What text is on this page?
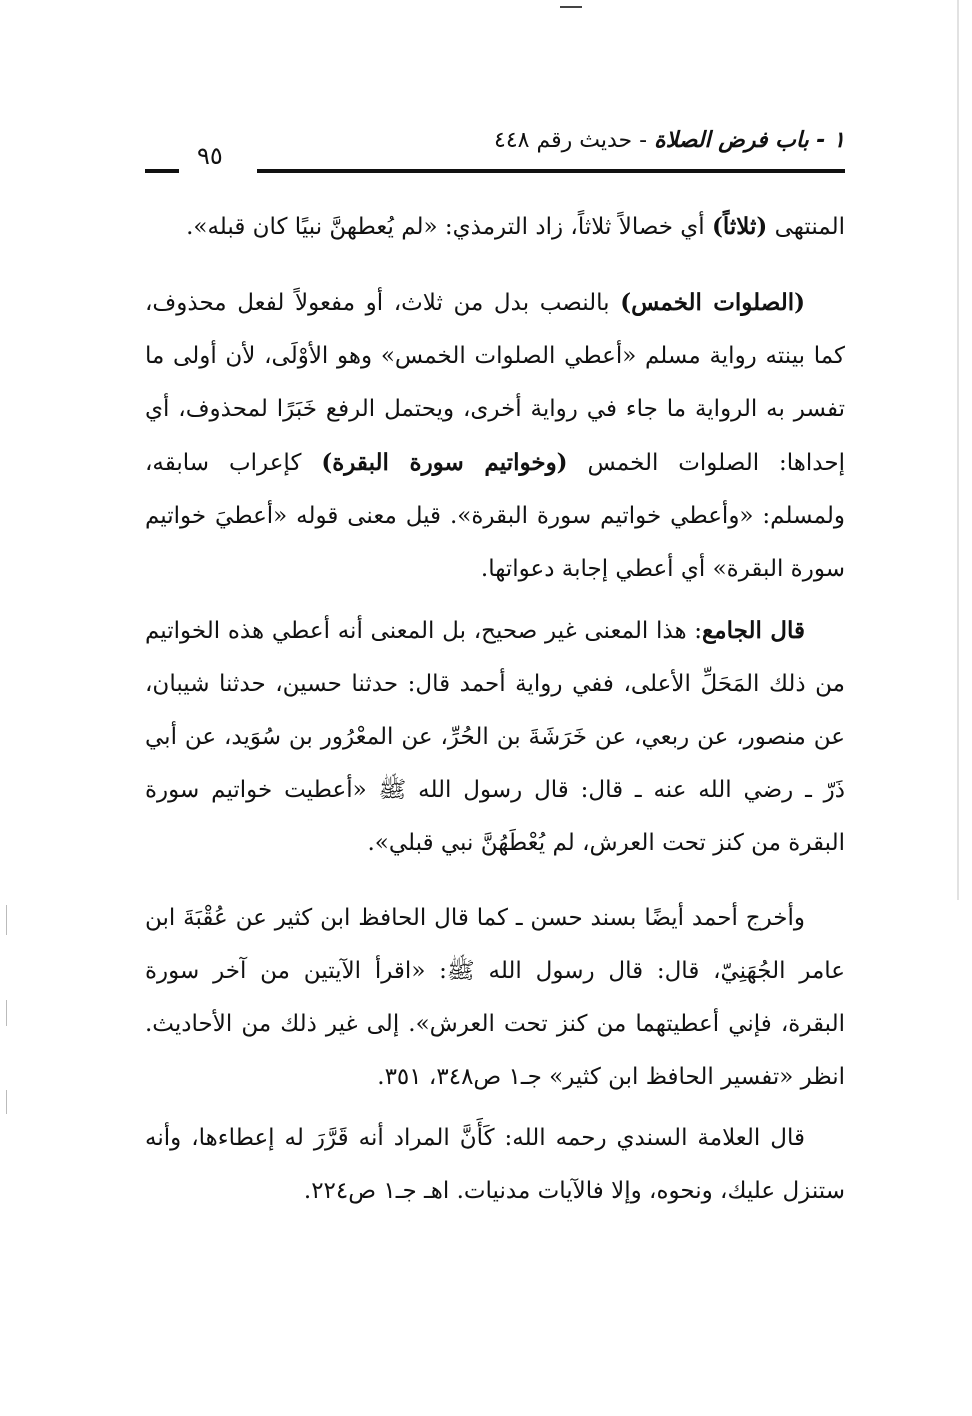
١ - باب فرض الصلاة - حديث رقم ٤٤٨
٩٥

المنتهى (ثلاثاً) أي خصالاً ثلاثاً، زاد الترمذي: «لم يُعطهنَّ نبيًا كان قبله».

(الصلوات الخمس) بالنصب بدل من ثلاث، أو مفعولاً لفعل محذوف، كما بينته رواية مسلم «أعطي الصلوات الخمس» وهو الأوْلَى، لأن أولى ما تفسر به الرواية ما جاء في رواية أخرى، ويحتمل الرفع خَبَرًا لمحذوف، أي إحداها: الصلوات الخمس (وخواتيم سورة البقرة) كإعراب سابقه، ولمسلم: «وأعطي خواتيم سورة البقرة». قيل معنى قوله «أعطيَ خواتيم سورة البقرة» أي أعطي إجابة دعواتها.

قال الجامع: هذا المعنى غير صحيح، بل المعنى أنه أعطي هذه الخواتيم من ذلك المَحَلِّ الأعلى، ففي رواية أحمد قال: حدثنا حسين، حدثنا شيبان، عن منصور، عن ربعي، عن خَرَشَةَ بن الحُرِّ، عن المعْرُور بن سُوَيد، عن أبي ذَرّ ـ رضي الله عنه ـ قال: قال رسول الله ﷺ «أعطيت خواتيم سورة البقرة من كنز تحت العرش، لم يُعْطَهُنَّ نبي قبلي».

وأخرج أحمد أيضًا بسند حسن ـ كما قال الحافظ ابن كثير عن عُقْبَةَ ابن عامر الجُهَنِيّ، قال: قال رسول الله ﷺ: «اقرأ الآيتين من آخر سورة البقرة، فإني أعطيتهما من كنز تحت العرش». إلى غير ذلك من الأحاديث. انظر «تفسير الحافظ ابن كثير» جـ١ ص٣٤٨، ٣٥١.

قال العلامة السندي رحمه الله: كَأَنَّ المراد أنه قَرَّرَ له إعطاءها، وأنه ستنزل عليك، ونحوه، وإلا فالآيات مدنيات. اهـ جـ١ ص٢٢٤.
